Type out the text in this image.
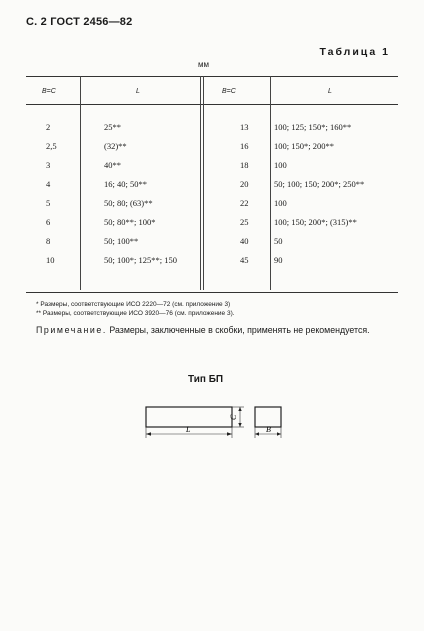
С. 2 ГОСТ 2456—82
Таблица 1
мм
B=C	L	B=C	L
2	25**
2,5	(32)**
3	40**
4	16; 40; 50**
5	50; 80; (63)**
6	50; 80**; 100*
8	50; 100**
10	50; 100*; 125**; 150
13	100; 125; 150*; 160**
16	100; 150*; 200**
18	100
20	50; 100; 150; 200*; 250**
22	100
25	100; 150; 200*; (315)**
40	50
45	90
* Размеры, соответствующие ИСО 2220—72 (см. приложение 3)
** Размеры, соответствующие ИСО 3920—76 (см. приложение 3).
Примечание. Размеры, заключенные в скобки, применять не рекомендуется.
Тип БП
L
C
B
